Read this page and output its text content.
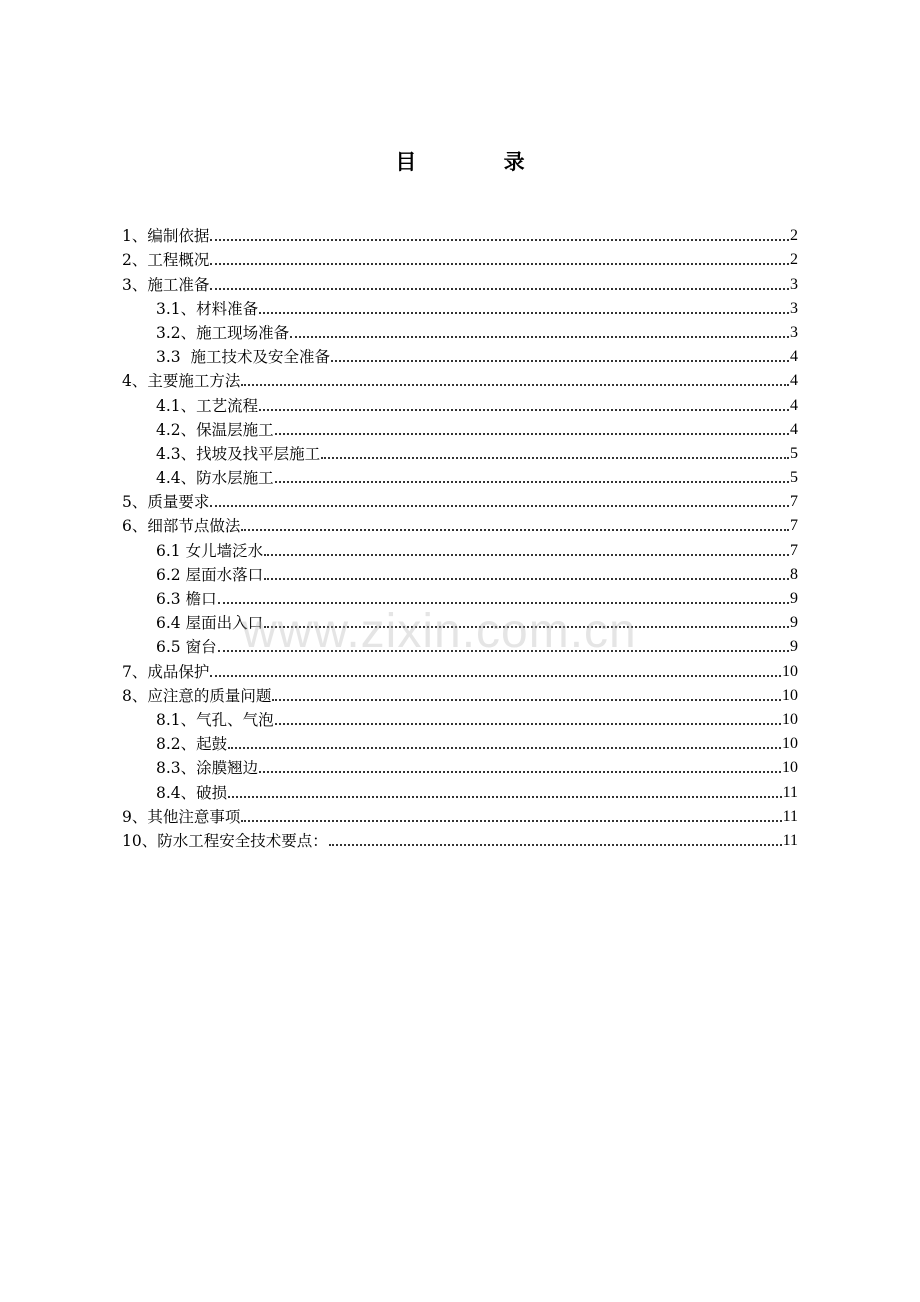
目 录
1、编制依据	2
2、工程概况	2
3、施工准备	3
3.1、材料准备	3
3.2、施工现场准备	3
3.3  施工技术及安全准备	4
4、主要施工方法	4
4.1、工艺流程	4
4.2、保温层施工	4
4.3、找坡及找平层施工	5
4.4、防水层施工	5
5、质量要求	7
6、细部节点做法	7
6.1 女儿墙泛水	7
6.2 屋面水落口	8
6.3 檐口	9
6.4 屋面出入口	9
6.5 窗台	9
7、成品保护	10
8、应注意的质量问题	10
8.1、气孔、气泡	10
8.2、起鼓	10
8.3、涂膜翘边	10
8.4、破损	11
9、其他注意事项	11
10、防水工程安全技术要点：	11
www.zixin.com.cn
